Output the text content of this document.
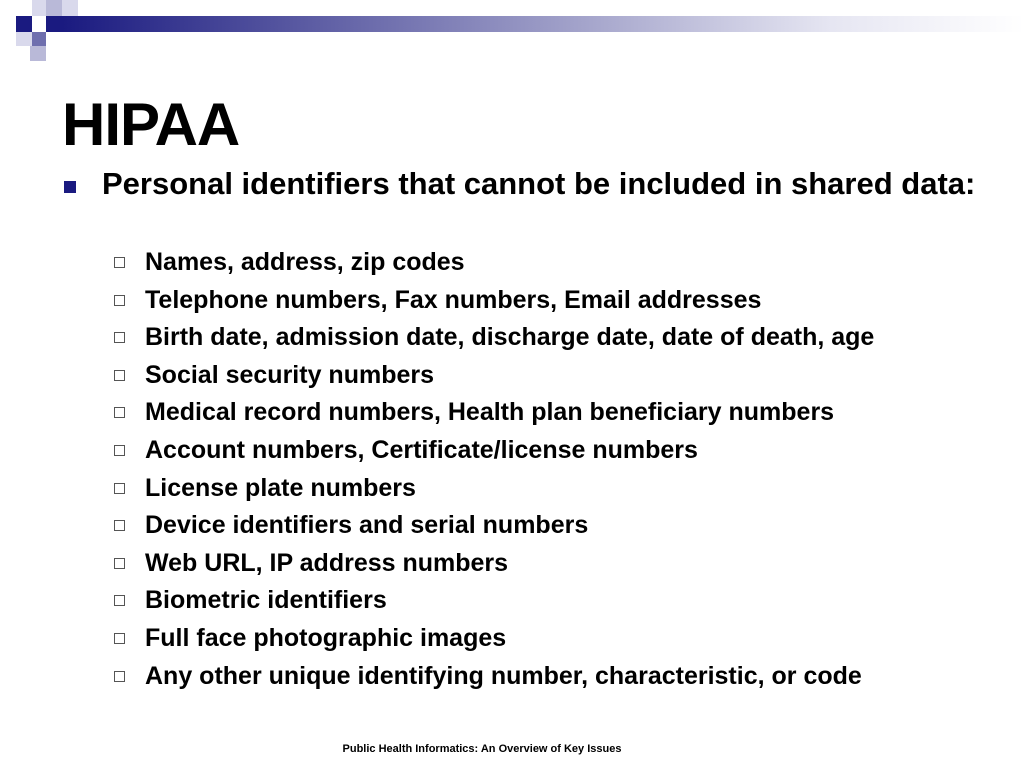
HIPAA
Personal identifiers that cannot be included in shared data:
Names, address, zip codes
Telephone numbers, Fax numbers, Email addresses
Birth date, admission date, discharge date, date of death, age
Social security numbers
Medical record numbers, Health plan beneficiary numbers
Account numbers, Certificate/license numbers
License plate numbers
Device identifiers and serial numbers
Web URL, IP address numbers
Biometric identifiers
Full face photographic images
Any other unique identifying number, characteristic, or code
Public Health Informatics: An Overview of Key Issues
